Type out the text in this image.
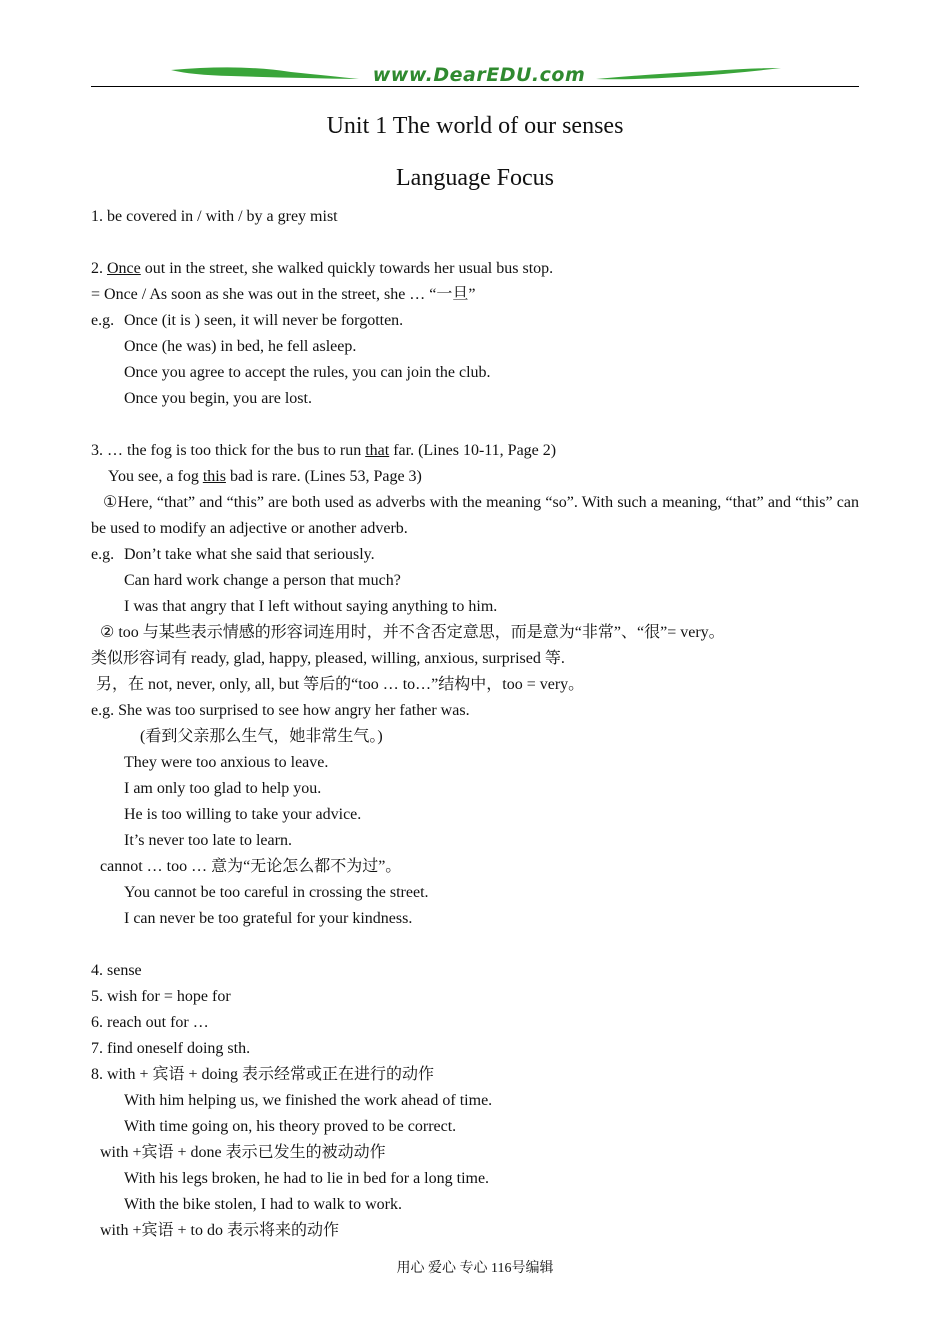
www.DearEDU.com
Unit 1 The world of our senses
Language Focus
1. be covered in / with / by a grey mist
2. Once out in the street, she walked quickly towards her usual bus stop.
= Once / As soon as she was out in the street, she … “一旦”
e.g. Once (it is ) seen, it will never be forgotten.
Once (he was) in bed, he fell asleep.
Once you agree to accept the rules, you can join the club.
Once you begin, you are lost.
3. … the fog is too thick for the bus to run that far. (Lines 10-11, Page 2)
You see, a fog this bad is rare. (Lines 53, Page 3)
①Here, “that” and “this” are both used as adverbs with the meaning “so”. With such a meaning, “that” and “this” can be used to modify an adjective or another adverb.
e.g. Don’t take what she said that seriously.
Can hard work change a person that much?
I was that angry that I left without saying anything to him.
② too 与某些表示情感的形容词连用时，并不含否定意思，而是意为“非常”、“很”= very。
类似形容词有 ready, glad, happy, pleased, willing, anxious, surprised 等.
另，在 not, never, only, all, but 等后的“too … to…”结构中，too = very。
e.g. She was too surprised to see how angry her father was.
(看到父亲那么生气，她非常生气。)
They were too anxious to leave.
I am only too glad to help you.
He is too willing to take your advice.
It’s never too late to learn.
cannot … too … 意为“无论怎么都不为过”。
You cannot be too careful in crossing the street.
I can never be too grateful for your kindness.
4. sense
5. wish for = hope for
6. reach out for …
7. find oneself doing sth.
8. with + 宾语 + doing 表示经常或正在进行的动作
With him helping us, we finished the work ahead of time.
With time going on, his theory proved to be correct.
with +宾语 + done 表示已发生的被动动作
With his legs broken, he had to lie in bed for a long time.
With the bike stolen, I had to walk to work.
with +宾语 + to do 表示将来的动作
用心 爱心 专心 116号编辑
